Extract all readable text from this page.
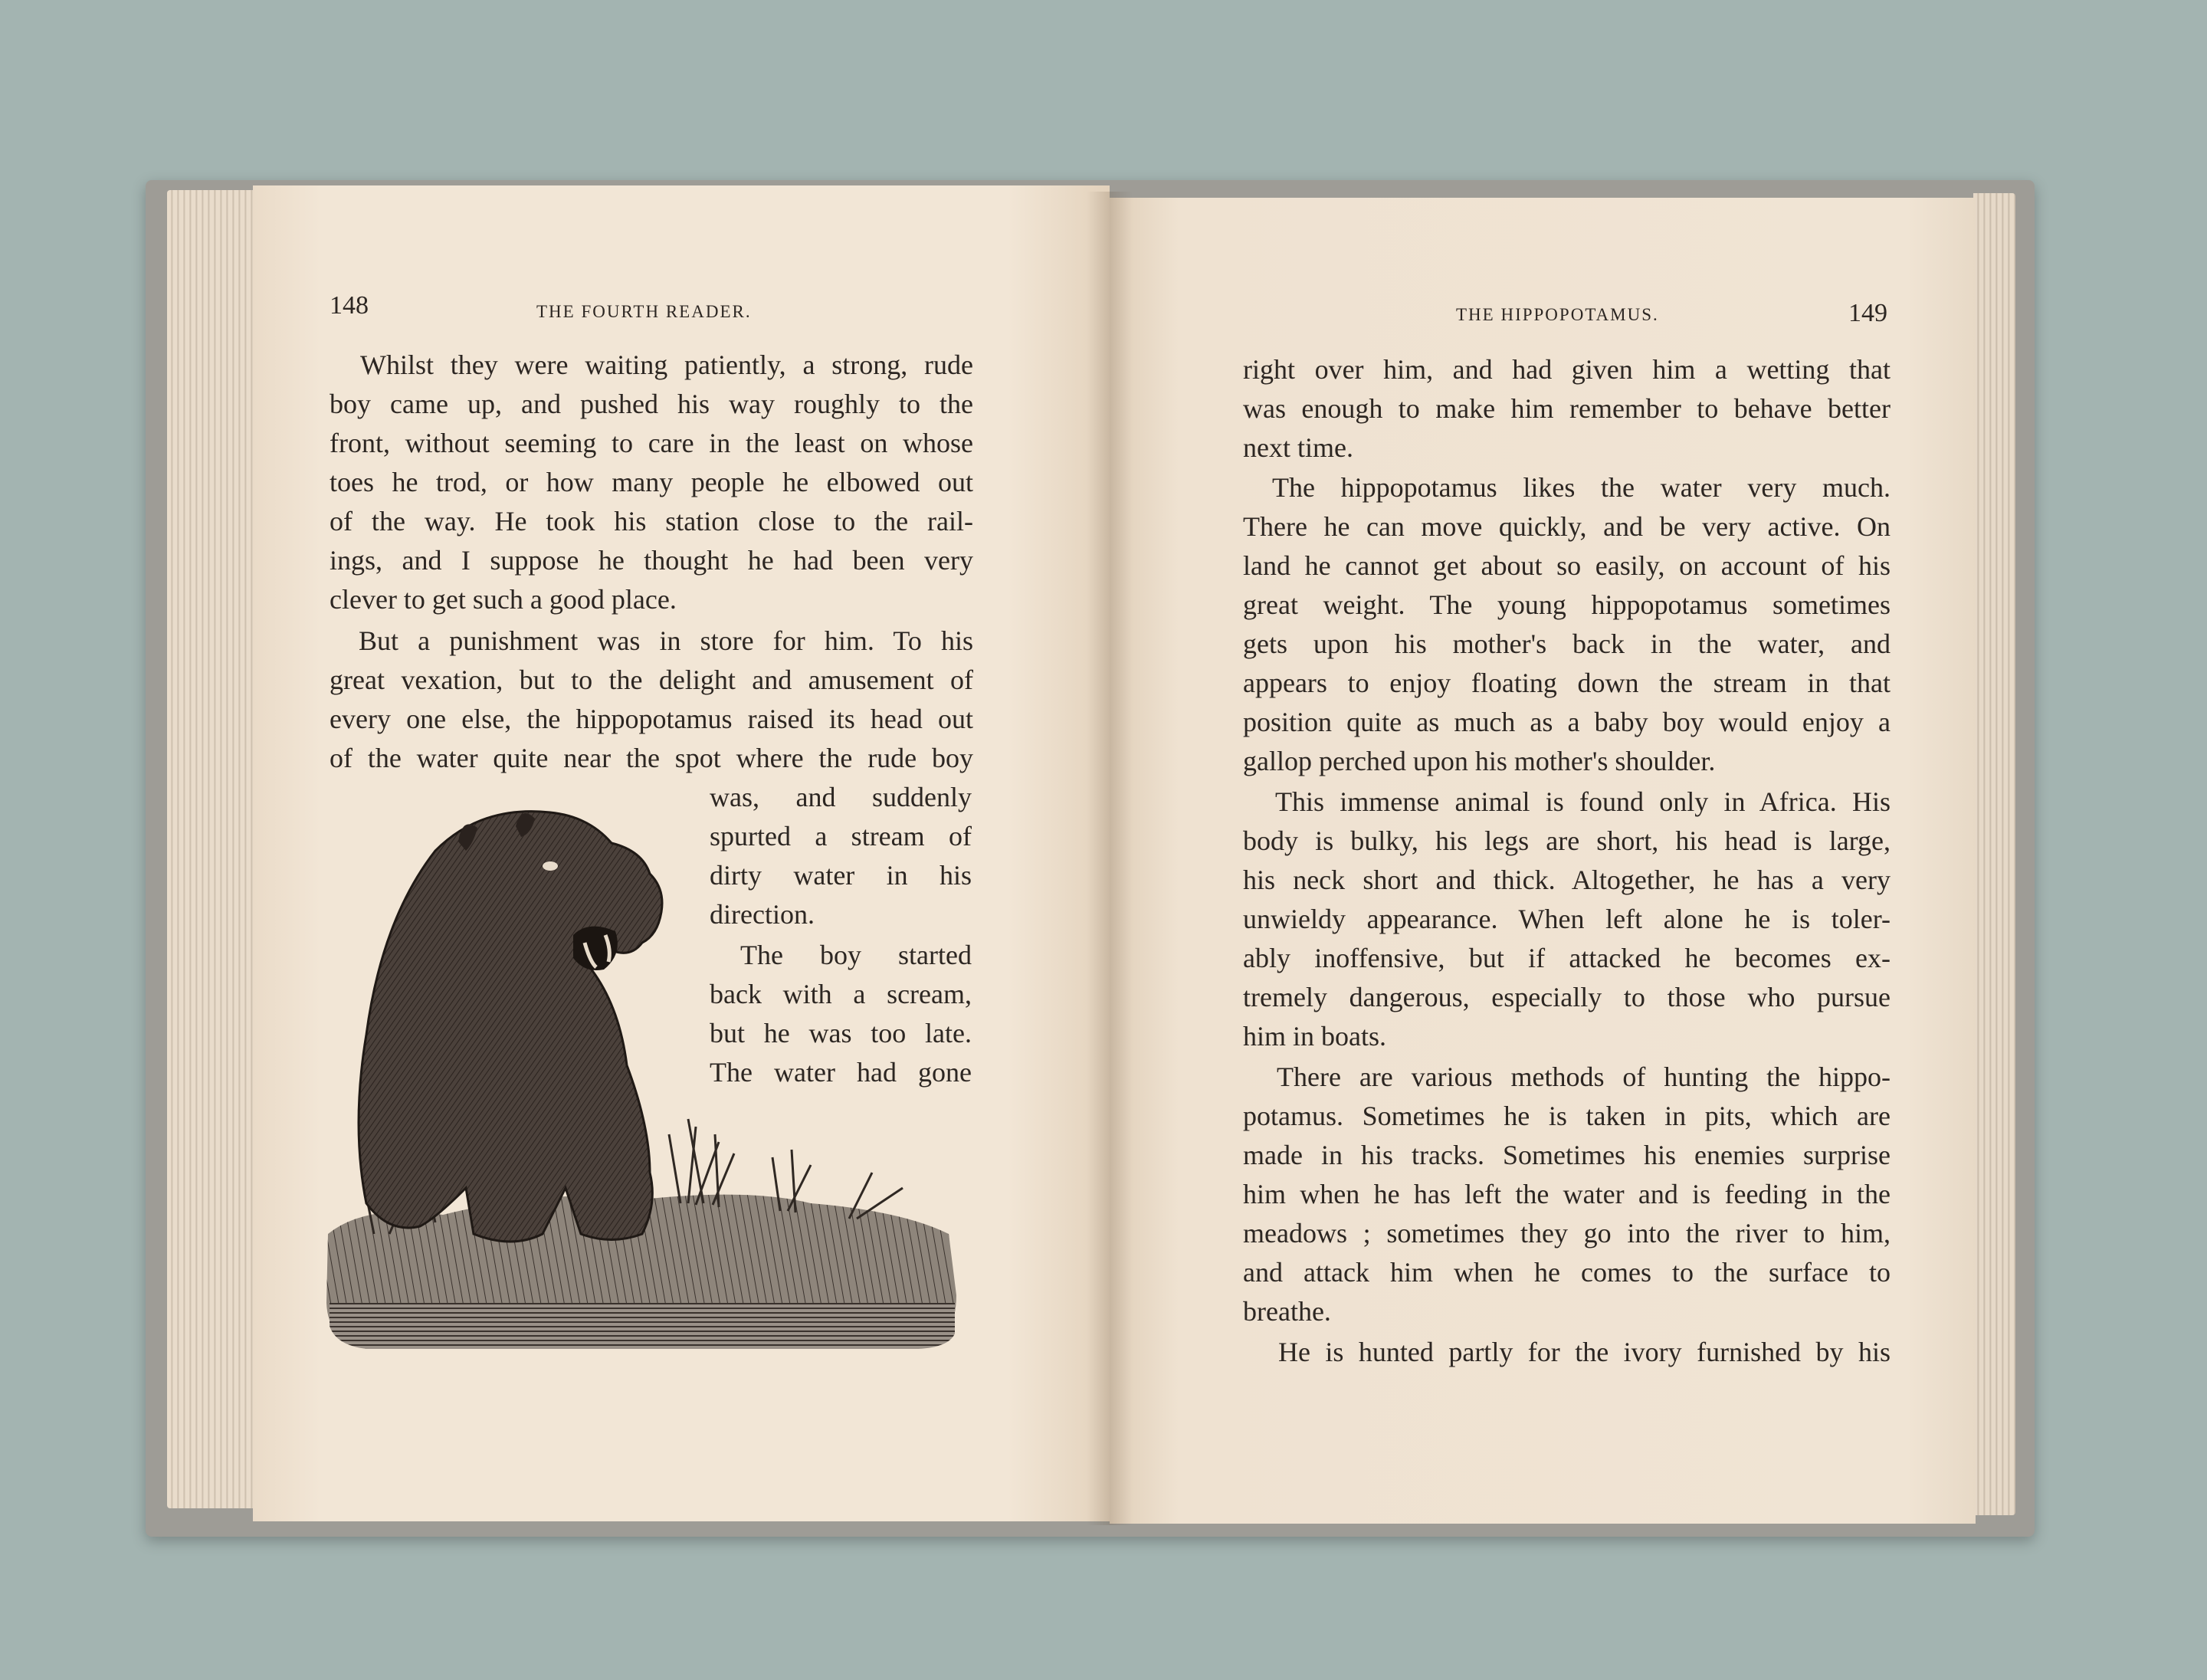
148	THE FOURTH READER.
Whilst they were waiting patiently, a strong, rude
boy came up, and pushed his way roughly to the
front, without seeming to care in the least on whose
toes he trod, or how many people he elbowed out
of the way. He took his station close to the rail-
ings, and I suppose he thought he had been very
clever to get such a good place.
But a punishment was in store for him. To his
great vexation, but to the delight and amusement of
every one else, the hippopotamus raised its head out
of the water quite near the spot where the rude boy
was, and suddenly
spurted a stream of
dirty water in his
direction.
The boy started
back with a scream,
but he was too late.
The water had gone
THE HIPPOPOTAMUS.	149
right over him, and had given him a wetting that
was enough to make him remember to behave better
next time.
The hippopotamus likes the water very much.
There he can move quickly, and be very active. On
land he cannot get about so easily, on account of his
great weight. The young hippopotamus sometimes
gets upon his mother's back in the water, and
appears to enjoy floating down the stream in that
position quite as much as a baby boy would enjoy a
gallop perched upon his mother's shoulder.
This immense animal is found only in Africa. His
body is bulky, his legs are short, his head is large,
his neck short and thick. Altogether, he has a very
unwieldy appearance. When left alone he is toler-
ably inoffensive, but if attacked he becomes ex-
tremely dangerous, especially to those who pursue
him in boats.
There are various methods of hunting the hippo-
potamus. Sometimes he is taken in pits, which are
made in his tracks. Sometimes his enemies surprise
him when he has left the water and is feeding in the
meadows ; sometimes they go into the river to him,
and attack him when he comes to the surface to
breathe.
He is hunted partly for the ivory furnished by his
